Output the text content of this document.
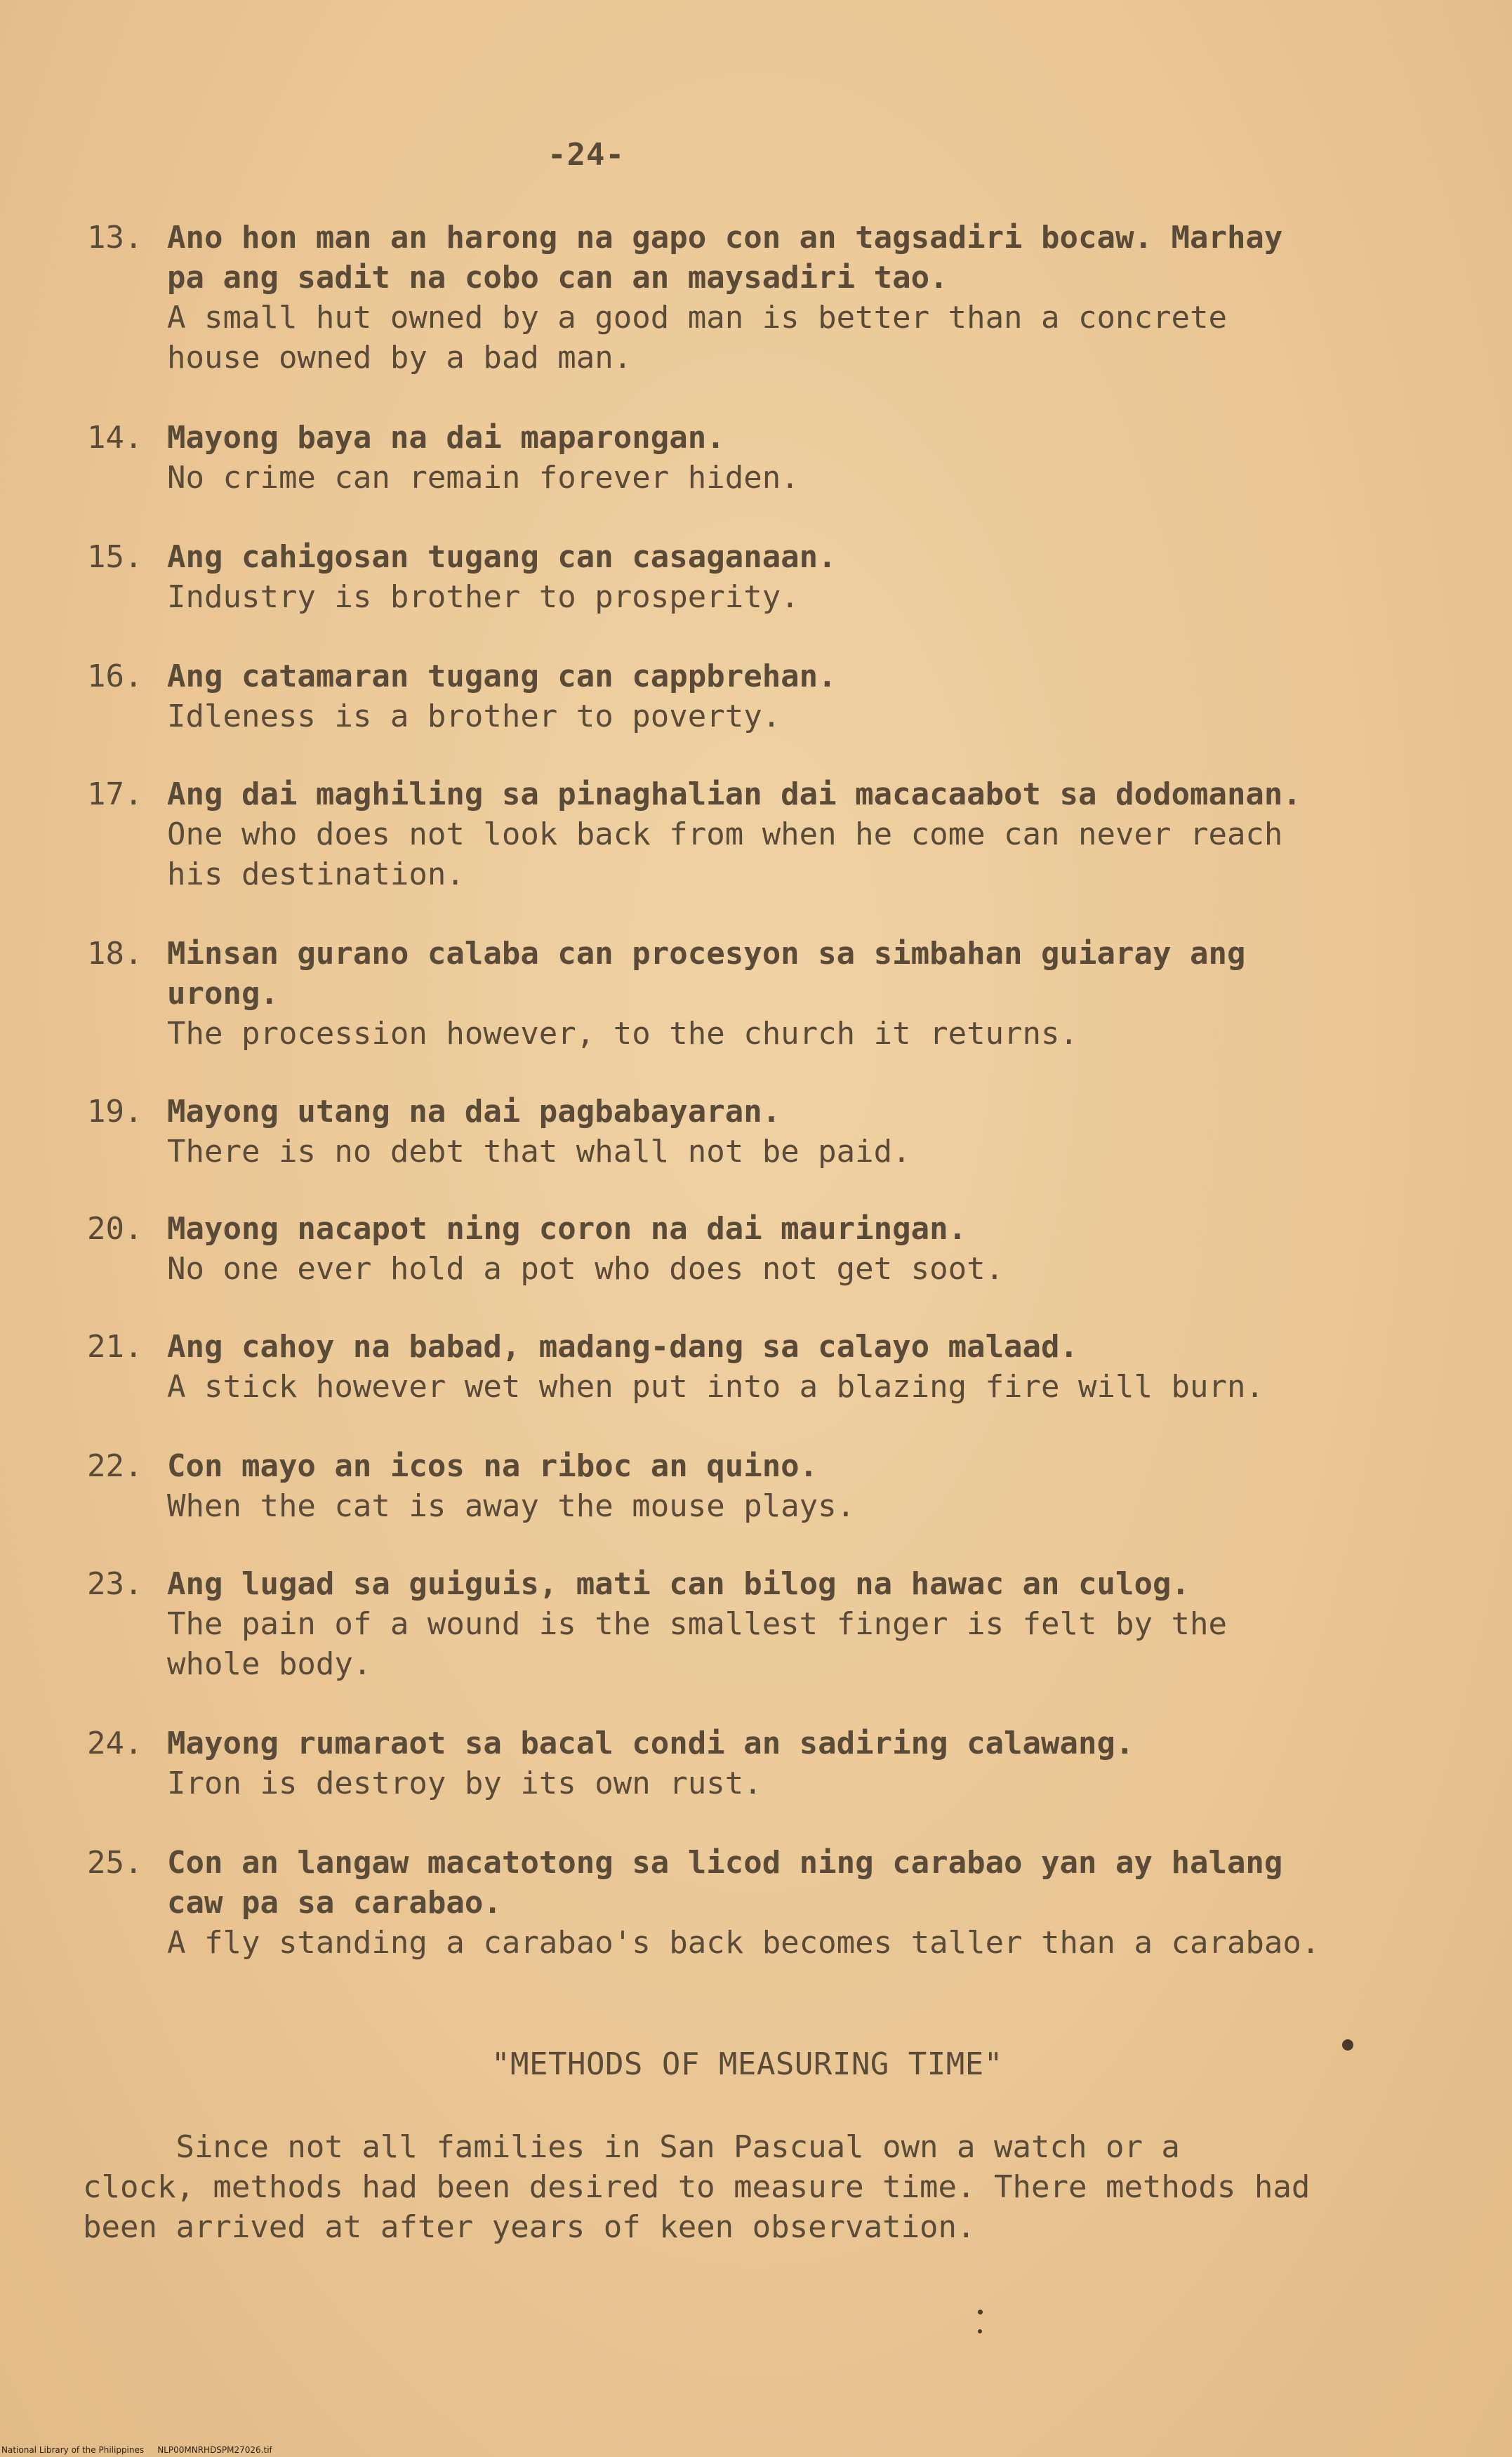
-24-
13. Ano hon man an harong na gapo con an tagsadiri bocaw. Marhay
pa ang sadit na cobo can an maysadiri tao.
A small hut owned by a good man is better than a concrete
house owned by a bad man.
14. Mayong baya na dai maparongan.
No crime can remain forever hiden.
15. Ang cahigosan tugang can casaganaan.
Industry is brother to prosperity.
16. Ang catamaran tugang can cappbrehan.
Idleness is a brother to poverty.
17. Ang dai maghiling sa pinaghalian dai macacaabot sa dodomanan.
One who does not look back from when he come can never reach
his destination.
18. Minsan gurano calaba can procesyon sa simbahan guiaray ang
urong.
The procession however, to the church it returns.
19. Mayong utang na dai pagbabayaran.
There is no debt that whall not be paid.
20. Mayong nacapot ning coron na dai mauringan.
No one ever hold a pot who does not get soot.
21. Ang cahoy na babad, madang-dang sa calayo malaad.
A stick however wet when put into a blazing fire will burn.
22. Con mayo an icos na riboc an quino.
When the cat is away the mouse plays.
23. Ang lugad sa guiguis, mati can bilog na hawac an culog.
The pain of a wound is the smallest finger is felt by the
whole body.
24. Mayong rumaraot sa bacal condi an sadiring calawang.
Iron is destroy by its own rust.
25. Con an langaw macatotong sa licod ning carabao yan ay halang
caw pa sa carabao.
A fly standing a carabao's back becomes taller than a carabao.
"METHODS OF MEASURING TIME"
Since not all families in San Pascual own a watch or a
clock, methods had been desired to measure time. There methods had
been arrived at after years of keen observation.
National Library of the Philippines     NLP00MNRHDSPM27026.tif
